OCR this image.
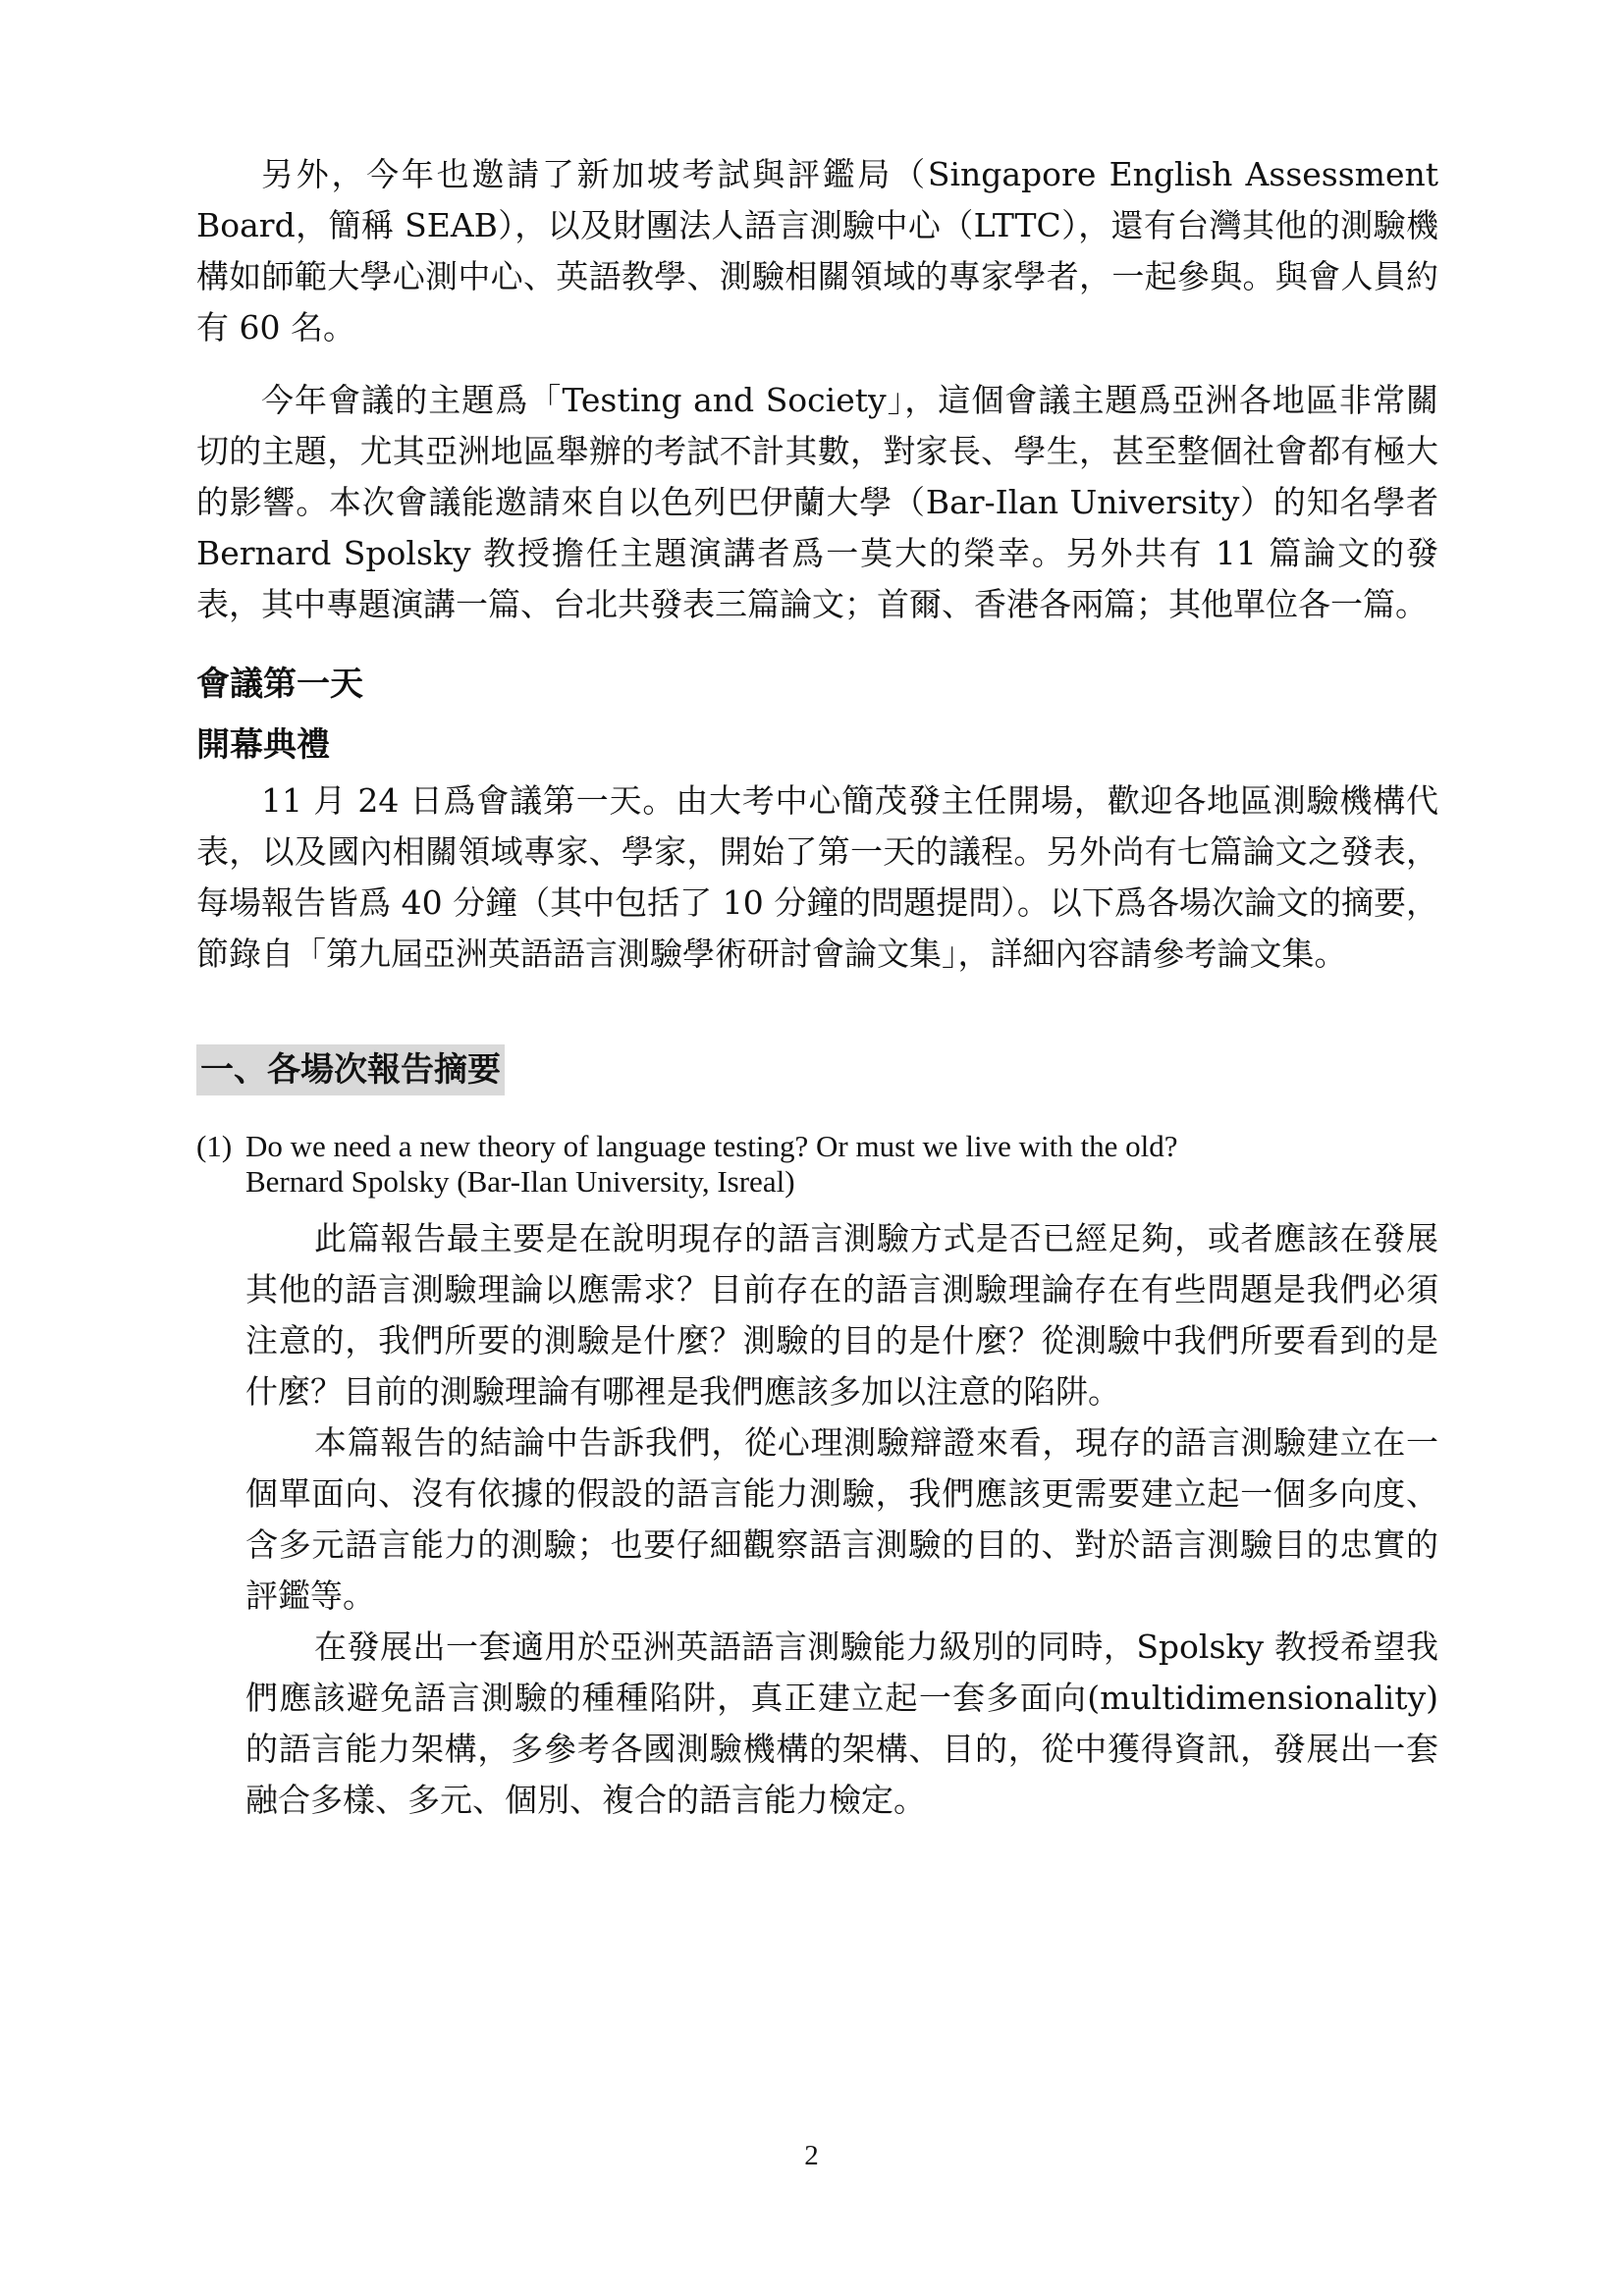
另外，今年也邀請了新加坡考試與評鑑局（Singapore English Assessment Board，簡稱 SEAB），以及財團法人語言測驗中心（LTTC），還有台灣其他的測驗機構如師範大學心測中心、英語教學、測驗相關領域的專家學者，一起參與。與會人員約有 60 名。

今年會議的主題爲「Testing and Society」，這個會議主題爲亞洲各地區非常關切的主題，尤其亞洲地區舉辦的考試不計其數，對家長、學生，甚至整個社會都有極大的影響。本次會議能邀請來自以色列巴伊蘭大學（Bar-Ilan University）的知名學者 Bernard Spolsky 教授擔任主題演講者爲一莫大的榮幸。另外共有 11 篇論文的發表，其中專題演講一篇、台北共發表三篇論文；首爾、香港各兩篇；其他單位各一篇。

會議第一天
開幕典禮

11 月 24 日爲會議第一天。由大考中心簡茂發主任開場，歡迎各地區測驗機構代表，以及國內相關領域專家、學家，開始了第一天的議程。另外尚有七篇論文之發表，每場報告皆爲 40 分鐘（其中包括了 10 分鐘的問題提問）。以下爲各場次論文的摘要，節錄自「第九屆亞洲英語語言測驗學術研討會論文集」，詳細內容請參考論文集。

一、各場次報告摘要
(1) Do we need a new theory of language testing? Or must we live with the old?
Bernard Spolsky (Bar-Ilan University, Isreal)

此篇報告最主要是在說明現存的語言測驗方式是否已經足夠，或者應該在發展其他的語言測驗理論以應需求？目前存在的語言測驗理論存在有些問題是我們必須注意的，我們所要的測驗是什麼？測驗的目的是什麼？從測驗中我們所要看到的是什麼？目前的測驗理論有哪裡是我們應該多加以注意的陷阱。

本篇報告的結論中告訴我們，從心理測驗辯證來看，現存的語言測驗建立在一個單面向、沒有依據的假設的語言能力測驗，我們應該更需要建立起一個多向度、含多元語言能力的測驗；也要仔細觀察語言測驗的目的、對於語言測驗目的忠實的評鑑等。

在發展出一套適用於亞洲英語語言測驗能力級別的同時，Spolsky 教授希望我們應該避免語言測驗的種種陷阱，真正建立起一套多面向(multidimensionality) 的語言能力架構，多參考各國測驗機構的架構、目的，從中獲得資訊，發展出一套融合多樣、多元、個別、複合的語言能力檢定。

2
